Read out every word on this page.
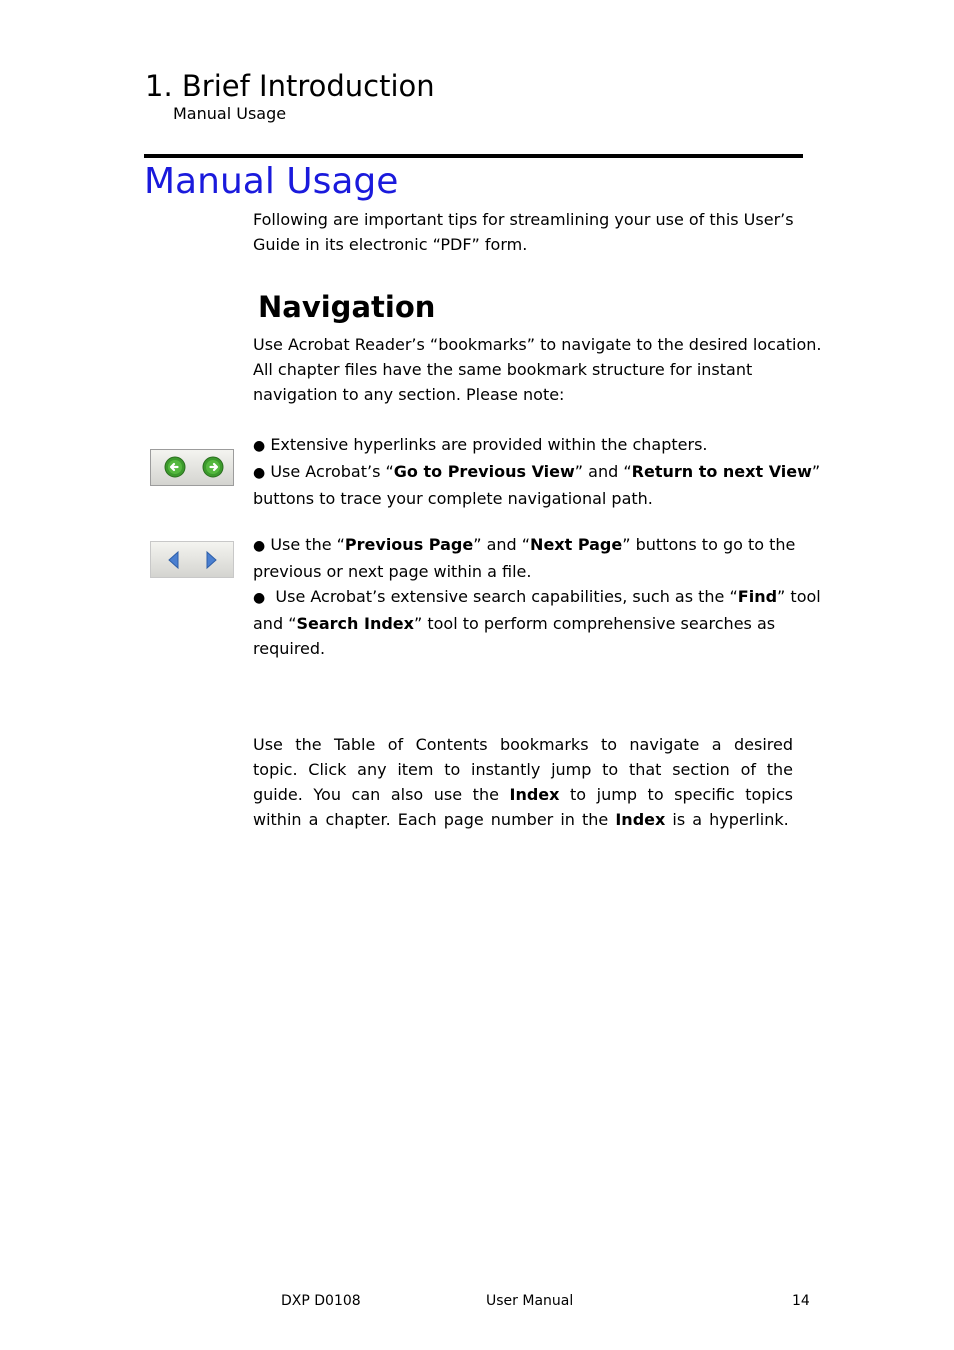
1. Brief Introduction
Manual Usage
Manual Usage

Following are important tips for streamlining your use of this User’s Guide in its electronic “PDF” form.

Navigation

Use Acrobat Reader’s “bookmarks” to navigate to the desired location. All chapter files have the same bookmark structure for instant navigation to any section. Please note:

● Extensive hyperlinks are provided within the chapters.

● Use Acrobat’s “Go to Previous View” and “Return to next View” buttons to trace your complete navigational path.

● Use the “Previous Page” and “Next Page” buttons to go to the previous or next page within a file.

● Use Acrobat’s extensive search capabilities, such as the “Find” tool and “Search Index” tool to perform comprehensive searches as required.

Use the Table of Contents bookmarks to navigate a desired topic. Click any item to instantly jump to that section of the guide. You can also use the Index to jump to specific topics within a chapter. Each page number in the Index is a hyperlink.

DXP D0108	User Manual	14
